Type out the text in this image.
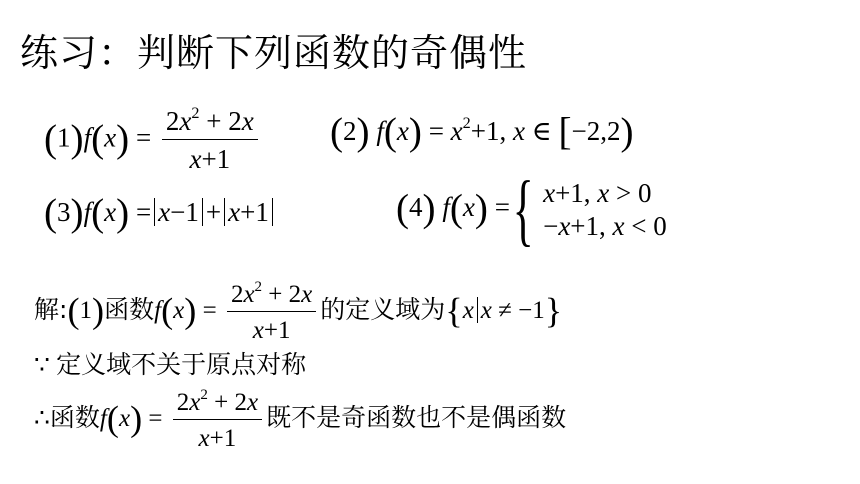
练习：判断下列函数的奇偶性
$(1)f(x) = \frac{2x^2 + 2x}{x+1} (2) f(x) = x^2+1$, x ∈ [−2,2)
(3)f(x) = x−1 + x+1	(4) f(x) ={ x+1, x > 0
−x+1, x < 0
解:(1)函数$f(x) = \frac{2x^2 + 2x}{x+1}$ 的定义域为{x x ≠ −1}
∵ 定义域不关于原点对称
∴函数$f(x) = \frac{2x^2 + 2x}{x+1}$ 既不是奇函数也不是偶函数
